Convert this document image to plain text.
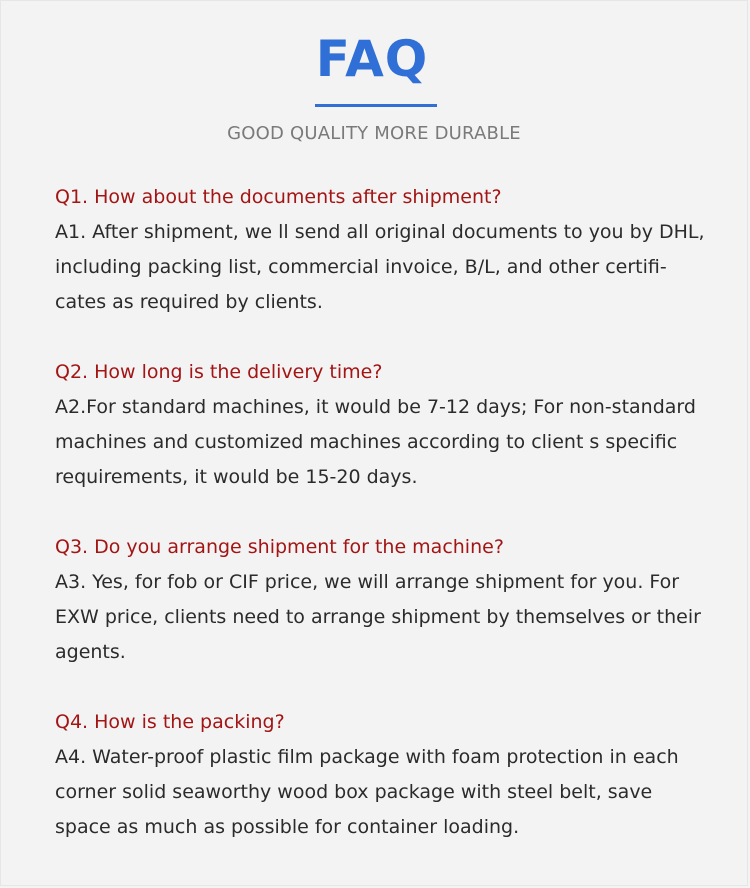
FAQ
GOOD QUALITY MORE DURABLE

Q1. How about the documents after shipment?

A1. After shipment, we ll send all original documents to you by DHL,

including packing list, commercial invoice, B/L, and other certifi-

cates as required by clients.

Q2. How long is the delivery time?

A2.For standard machines, it would be 7-12 days; For non-standard

machines and customized machines according to client s specific

requirements, it would be 15-20 days.

Q3. Do you arrange shipment for the machine?

A3. Yes, for fob or CIF price, we will arrange shipment for you. For

EXW price, clients need to arrange shipment by themselves or their

agents.

Q4. How is the packing?

A4. Water-proof plastic film package with foam protection in each

corner solid seaworthy wood box package with steel belt, save

space as much as possible for container loading.
